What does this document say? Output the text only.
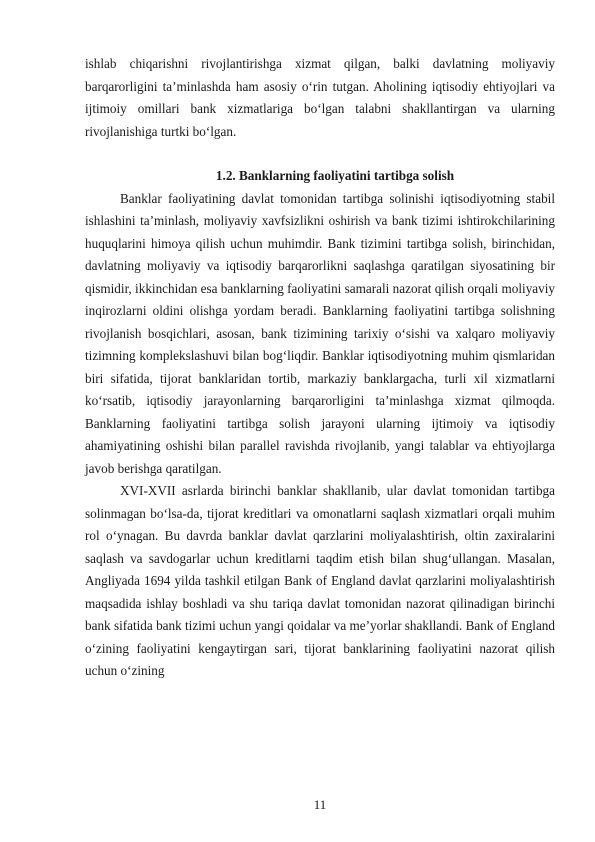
ishlab chiqarishni rivojlantirishga xizmat qilgan, balki davlatning moliyaviy barqarorligini ta’minlashda ham asosiy o‘rin tutgan. Aholining iqtisodiy ehtiyojlari va ijtimoiy omillari bank xizmatlariga bo‘lgan talabni shakllantirgan va ularning rivojlanishiga turtki bo‘lgan.

1.2. Banklarning faoliyatini tartibga solish

Banklar faoliyatining davlat tomonidan tartibga solinishi iqtisodiyotning stabil ishlashini ta’minlash, moliyaviy xavfsizlikni oshirish va bank tizimi ishtirokchilarining huquqlarini himoya qilish uchun muhimdir. Bank tizimini tartibga solish, birinchidan, davlatning moliyaviy va iqtisodiy barqarorlikni saqlashga qaratilgan siyosatining bir qismidir, ikkinchidan esa banklarning faoliyatini samarali nazorat qilish orqali moliyaviy inqirozlarni oldini olishga yordam beradi. Banklarning faoliyatini tartibga solishning rivojlanish bosqichlari, asosan, bank tizimining tarixiy o‘sishi va xalqaro moliyaviy tizimning komplekslashuvi bilan bog‘liqdir. Banklar iqtisodiyotning muhim qismlaridan biri sifatida, tijorat banklaridan tortib, markaziy banklargacha, turli xil xizmatlarni ko‘rsatib, iqtisodiy jarayonlarning barqarorligini ta’minlashga xizmat qilmoqda. Banklarning faoliyatini tartibga solish jarayoni ularning ijtimoiy va iqtisodiy ahamiyatining oshishi bilan parallel ravishda rivojlanib, yangi talablar va ehtiyojlarga javob berishga qaratilgan.

XVI-XVII asrlarda birinchi banklar shakllanib, ular davlat tomonidan tartibga solinmagan bo‘lsa-da, tijorat kreditlari va omonatlarni saqlash xizmatlari orqali muhim rol o‘ynagan. Bu davrda banklar davlat qarzlarini moliyalashtirish, oltin zaxiralarini saqlash va savdogarlar uchun kreditlarni taqdim etish bilan shug‘ullangan. Masalan, Angliyada 1694 yilda tashkil etilgan Bank of England davlat qarzlarini moliyalashtirish maqsadida ishlay boshladi va shu tariqa davlat tomonidan nazorat qilinadigan birinchi bank sifatida bank tizimi uchun yangi qoidalar va me’yorlar shakllandi. Bank of England o‘zining faoliyatini kengaytirgan sari, tijorat banklarining faoliyatini nazorat qilish uchun o‘zining

11
